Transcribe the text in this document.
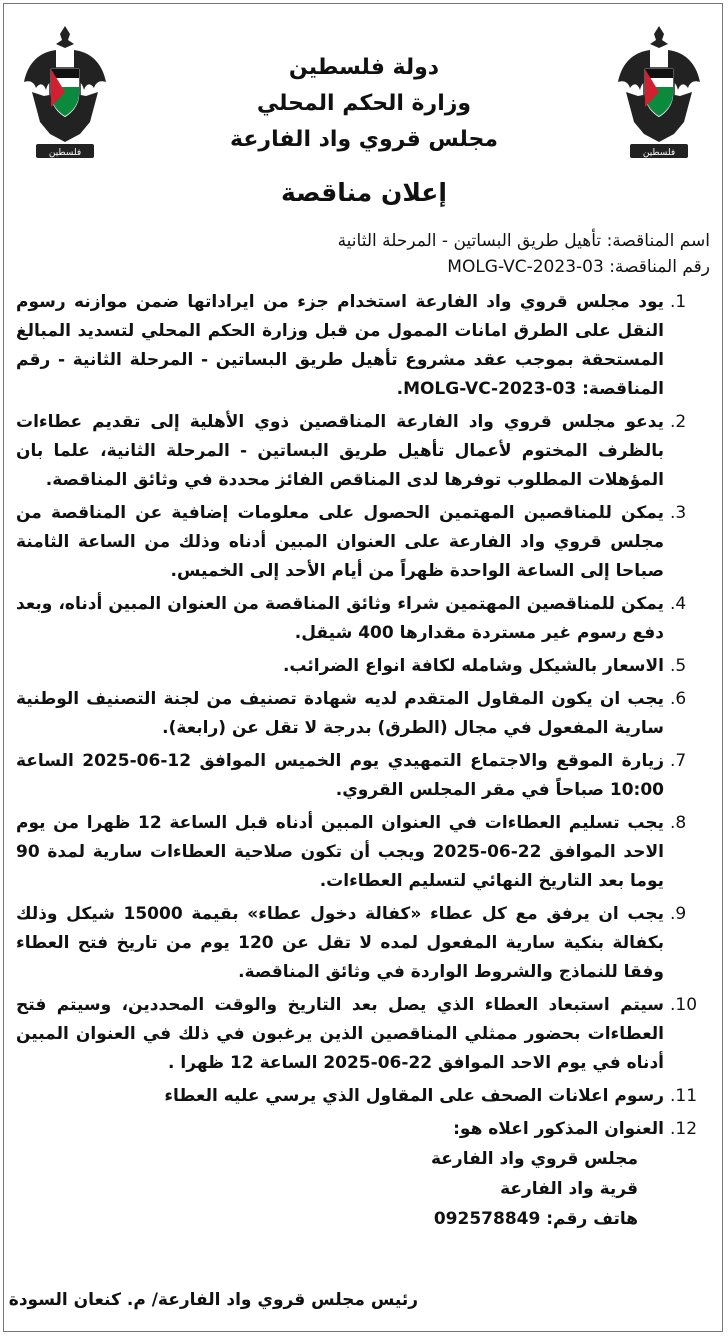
فلسطين
فلسطين
دولة فلسطين
وزارة الحكم المحلي
مجلس قروي واد الفارعة
إعلان مناقصة
اسم المناقصة: تأهيل طريق البساتين - المرحلة الثانية
رقم المناقصة: MOLG-VC-2023-03
.1
يود مجلس قروي واد الفارعة استخدام جزء من ايراداتها ضمن موازنه رسوم النقل على الطرق امانات الممول من قبل وزارة الحكم المحلي لتسديد المبالغ المستحقة بموجب عقد مشروع تأهيل طريق البساتين - المرحلة الثانية - رقم المناقصة: MOLG-VC-2023-03.
.2
يدعو مجلس قروي واد الفارعة المناقصين ذوي الأهلية إلى تقديم عطاءات بالظرف المختوم لأعمال تأهيل طريق البساتين - المرحلة الثانية، علما بان المؤهلات المطلوب توفرها لدى المناقص الفائز محددة في وثائق المناقصة.
.3
يمكن للمناقصين المهتمين الحصول على معلومات إضافية عن المناقصة من مجلس قروي واد الفارعة على العنوان المبين أدناه وذلك من الساعة الثامنة صباحا إلى الساعة الواحدة ظهراً من أيام الأحد إلى الخميس.
.4
يمكن للمناقصين المهتمين شراء وثائق المناقصة من العنوان المبين أدناه، وبعد دفع رسوم غير مستردة مقدارها 400 شيقل.
.5
الاسعار بالشيكل وشامله لكافة انواع الضرائب.
.6
يجب ان يكون المقاول المتقدم لديه شهادة تصنيف من لجنة التصنيف الوطنية سارية المفعول في مجال (الطرق) بدرجة لا تقل عن (رابعة).
.7
زيارة الموقع والاجتماع التمهيدي يوم الخميس الموافق 12-06-2025 الساعة 10:00 صباحاً في مقر المجلس القروي.
.8
يجب تسليم العطاءات في العنوان المبين أدناه قبل الساعة 12 ظهرا من يوم الاحد الموافق 22-06-2025 ويجب أن تكون صلاحية العطاءات سارية لمدة 90 يوما بعد التاريخ النهائي لتسليم العطاءات.
.9
يجب ان يرفق مع كل عطاء «كفالة دخول عطاء» بقيمة 15000 شيكل وذلك بكفالة بنكية سارية المفعول لمده لا تقل عن 120 يوم من تاريخ فتح العطاء وفقا للنماذج والشروط الواردة في وثائق المناقصة.
.10
سيتم استبعاد العطاء الذي يصل بعد التاريخ والوقت المحددين، وسيتم فتح العطاءات بحضور ممثلي المناقصين الذين يرغبون في ذلك في العنوان المبين أدناه في يوم الاحد الموافق 22-06-2025 الساعة 12 ظهرا .
.11
رسوم اعلانات الصحف على المقاول الذي يرسي عليه العطاء
.12
العنوان المذكور اعلاه هو:
مجلس قروي واد الفارعة
قرية واد الفارعة
هاتف رقم: 092578849
رئيس مجلس قروي واد الفارعة/ م. كنعان السودة
